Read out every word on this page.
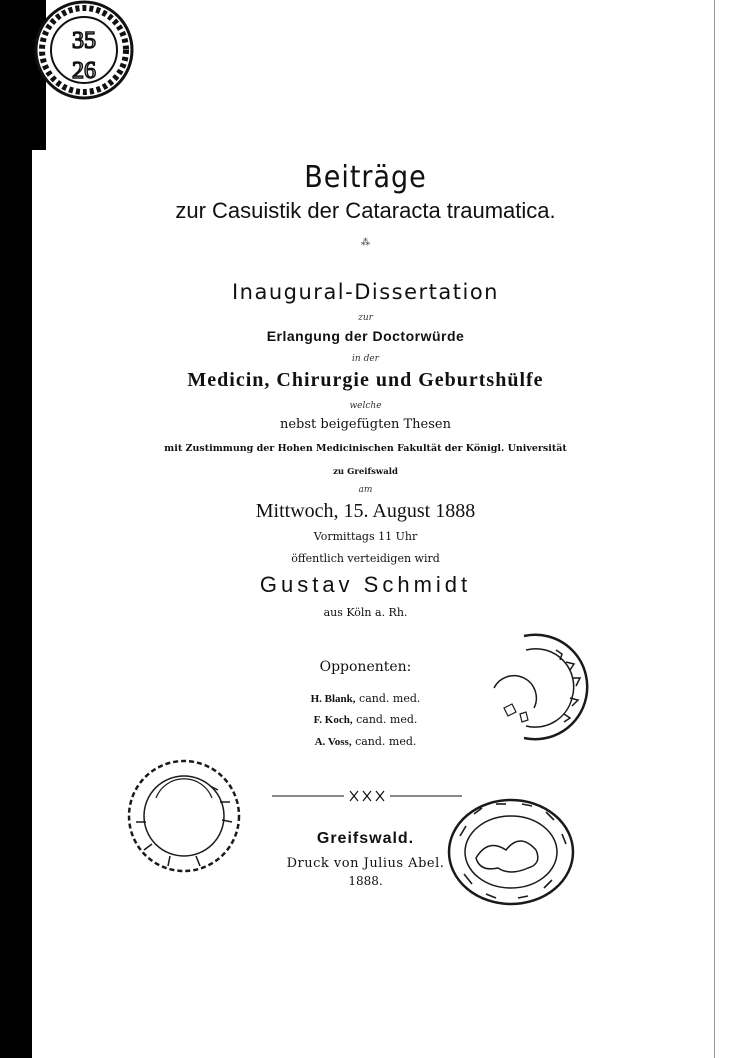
35
26
Beiträge
zur Casuistik der Cataracta traumatica.
⁂
Inaugural-Dissertation
zur
Erlangung der Doctorwürde
in der
Medicin, Chirurgie und Geburtshülfe
welche
nebst beigefügten Thesen
mit Zustimmung der Hohen Medicinischen Fakultät der Königl. Universität
zu Greifswald
am
Mittwoch, 15. August 1888
Vormittags 11 Uhr
öffentlich verteidigen wird
Gustav Schmidt
aus Köln a. Rh.
Opponenten:
H. Blank, cand. med.
F. Koch, cand. med.
A. Voss, cand. med.
Greifswald.
Druck von Julius Abel.
1888.
